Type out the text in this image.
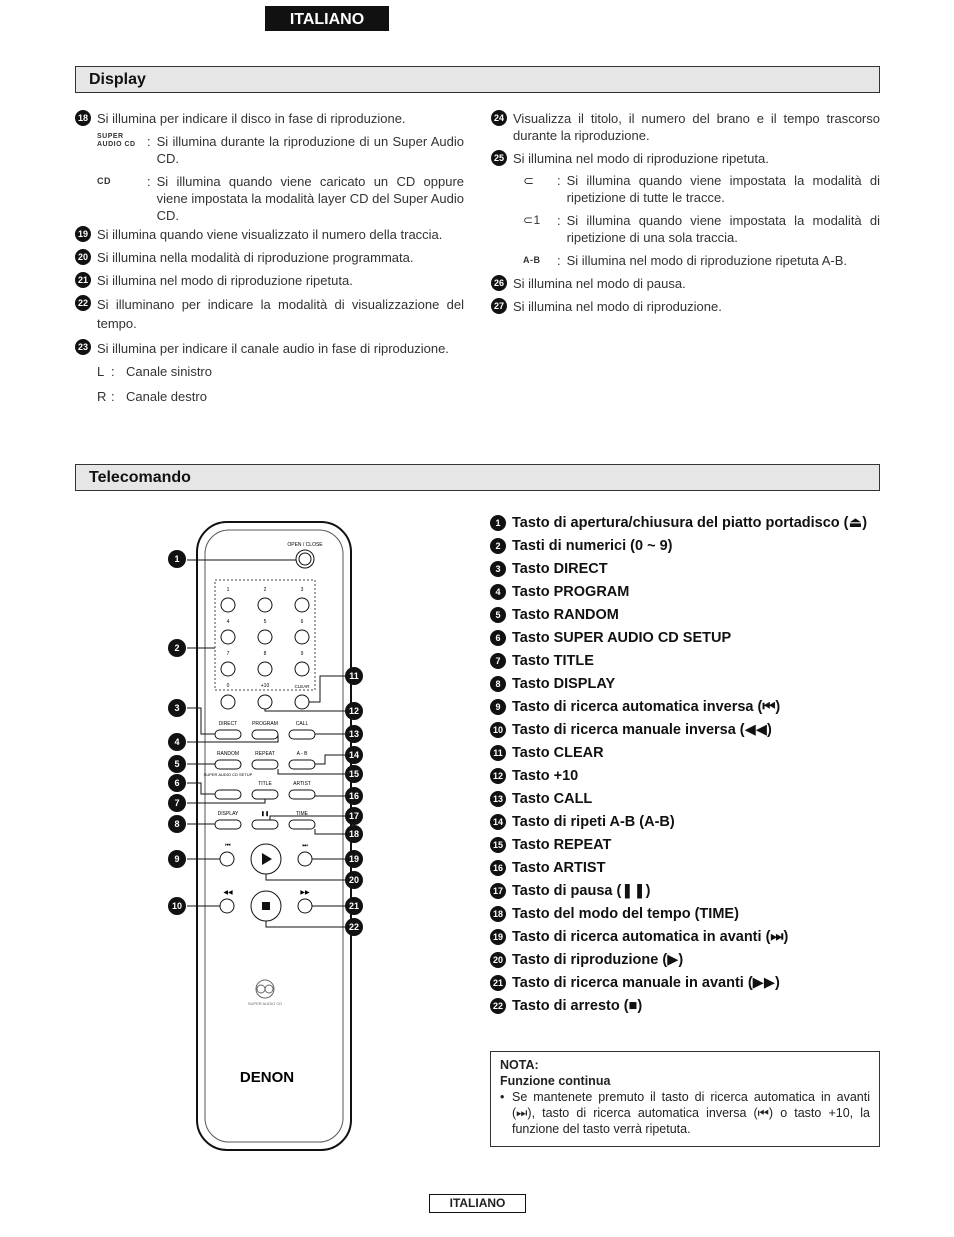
ITALIANO
Display
18 Si illumina per indicare il disco in fase di riproduzione.
SUPER AUDIO CD : Si illumina durante la riproduzione di un Super Audio CD.
CD	: Si illumina quando viene caricato un CD oppure viene impostata la modalità layer CD del Super Audio CD.
19 Si illumina quando viene visualizzato il numero della traccia.
20 Si illumina nella modalità di riproduzione programmata.
21 Si illumina nel modo di riproduzione ripetuta.
22 Si illuminano per indicare la modalità di visualizzazione del tempo.
23 Si illumina per indicare il canale audio in fase di riproduzione.
L : Canale sinistro
R : Canale destro
24 Visualizza il titolo, il numero del brano e il tempo trascorso durante la riproduzione.
25 Si illumina nel modo di riproduzione ripetuta.
⊂	: Si illumina quando viene impostata la modalità di ripetizione di tutte le tracce.
⊂1	: Si illumina quando viene impostata la modalità di ripetizione di una sola traccia.
A-B	: Si illumina nel modo di riproduzione ripetuta A-B.
26 Si illumina nel modo di pausa.
27 Si illumina nel modo di riproduzione.
Telecomando
OPEN / CLOSE
1	2	3
4	5	6
7	8	9
0	+10	CLEAR
DIRECT	PROGRAM	CALL
RANDOM	REPEAT	A - B
SUPER AUDIO CD SETUP
TITLE	ARTIST
DISPLAY	❚❚	TIME
⏮	⏭
◀◀	▶▶
SUPER AUDIO CD
DENON
1
2
3
4
5
6
7
8
9
10
11
12
13
14
15
16
17
18
19
20
21
22
1 Tasto di apertura/chiusura del piatto portadisco (⏏)
2 Tasti di numerici (0 ~ 9)
3 Tasto DIRECT
4 Tasto PROGRAM
5 Tasto RANDOM
6 Tasto SUPER AUDIO CD SETUP
7 Tasto TITLE
8 Tasto DISPLAY
9 Tasto di ricerca automatica inversa (⏮)
10 Tasto di ricerca manuale inversa (◀◀)
11 Tasto CLEAR
12 Tasto +10
13 Tasto CALL
14 Tasto di ripeti A-B (A-B)
15 Tasto REPEAT
16 Tasto ARTIST
17 Tasto di pausa (❚❚)
18 Tasto del modo del tempo (TIME)
19 Tasto di ricerca automatica in avanti (⏭)
20 Tasto di riproduzione (▶)
21 Tasto di ricerca manuale in avanti (▶▶)
22 Tasto di arresto (■)
NOTA:
Funzione continua
• Se mantenete premuto il tasto di ricerca automatica in avanti (⏭), tasto di ricerca automatica inversa (⏮) o tasto +10, la funzione del tasto verrà ripetuta.
ITALIANO
